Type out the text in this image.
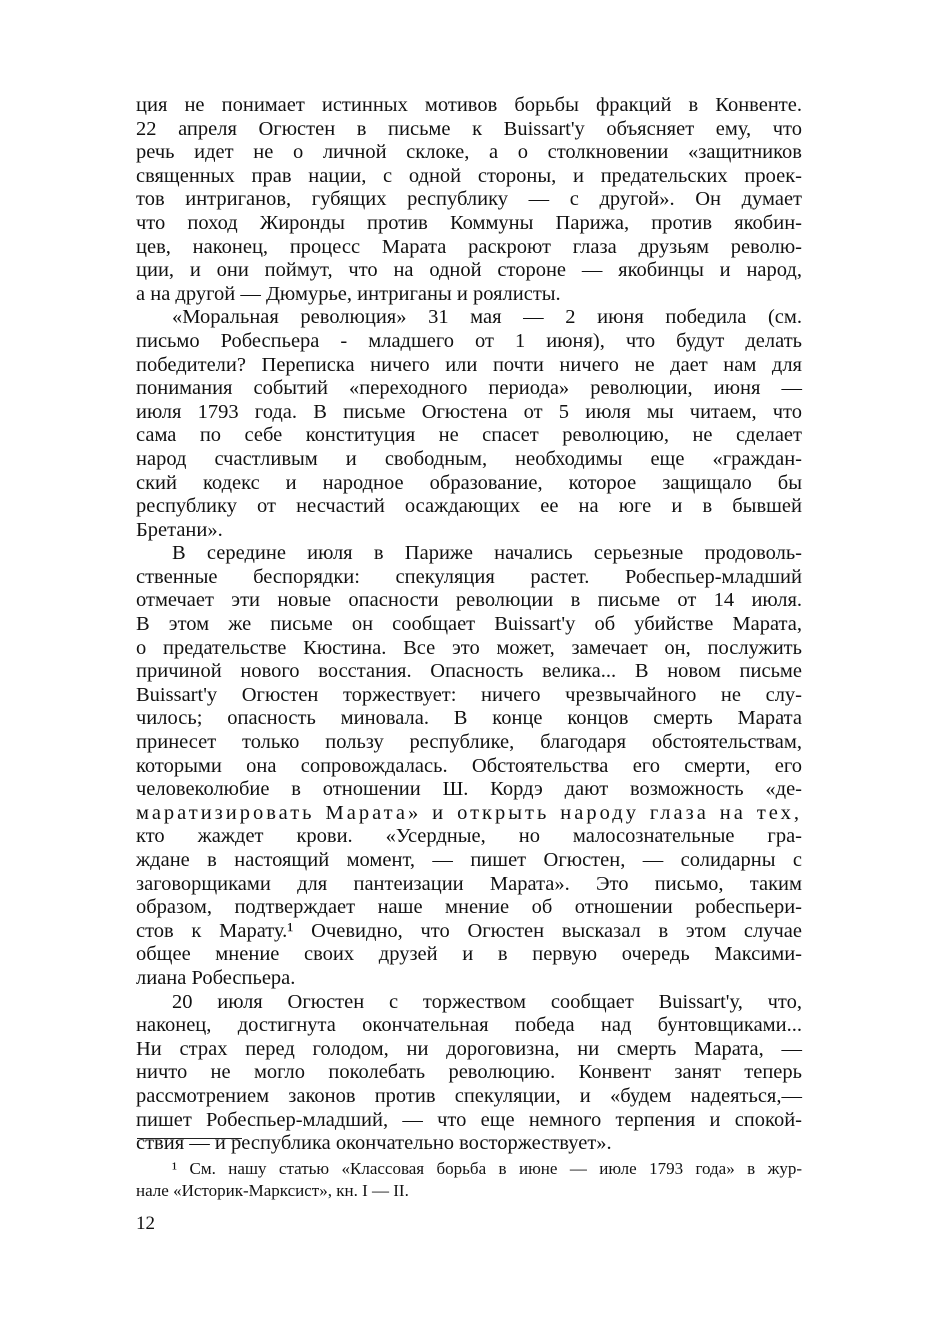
ция не понимает истинных мотивов борьбы фракций в Конвенте.
22 апреля Огюстен в письме к Buissart'у объясняет ему, что
речь идет не о личной склоке, а о столкновении «защитников
священных прав нации, с одной стороны, и предательских проек-
тов интриганов, губящих республику — с другой». Он думает
что поход Жиронды против Коммуны Парижа, против якобин-
цев, наконец, процесс Марата раскроют глаза друзьям револю-
ции, и они поймут, что на одной стороне — якобинцы и народ,
а на другой — Дюмурье, интриганы и роялисты.
«Моральная революция» 31 мая — 2 июня победила (см.
письмо Робеспьера - младшего от 1 июня), что будут делать
победители? Переписка ничего или почти ничего не дает нам для
понимания событий «переходного периода» революции, июня —
июля 1793 года. В письме Огюстена от 5 июля мы читаем, что
сама по себе конституция не спасет революцию, не сделает
народ счастливым и свободным, необходимы еще «граждан-
ский кодекс и народное образование, которое защищало бы
республику от несчастий осаждающих ее на юге и в бывшей
Бретани».
В середине июля в Париже начались серьезные продоволь-
ственные беспорядки: спекуляция растет. Робеспьер-младший
отмечает эти новые опасности революции в письме от 14 июля.
В этом же письме он сообщает Buissart'у об убийстве Марата,
о предательстве Кюстина. Все это может, замечает он, послужить
причиной нового восстания. Опасность велика... В новом письме
Buissart'у Огюстен торжествует: ничего чрезвычайного не слу-
чилось; опасность миновала. В конце концов смерть Марата
принесет только пользу республике, благодаря обстоятельствам,
которыми она сопровождалась. Обстоятельства его смерти, его
человеколюбие в отношении Ш. Кордэ дают возможность «де-
маратизировать Марата» и открыть народу глаза на тех,
кто жаждет крови. «Усердные, но малосознательные гра-
ждане в настоящий момент, — пишет Огюстен, — солидарны с
заговорщиками для пантеизации Марата». Это письмо, таким
образом, подтверждает наше мнение об отношении робеспьери-
стов к Марату.¹ Очевидно, что Огюстен высказал в этом случае
общее мнение своих друзей и в первую очередь Максими-
лиана Робеспьера.
20 июля Огюстен с торжеством сообщает Buissart'у, что,
наконец, достигнута окончательная победа над бунтовщиками...
Ни страх перед голодом, ни дороговизна, ни смерть Марата, —
ничто не могло поколебать революцию. Конвент занят теперь
рассмотрением законов против спекуляции, и «будем надеяться,—
пишет Робеспьер-младший, — что еще немного терпения и спокой-
ствия — и республика окончательно восторжествует».
¹ См. нашу статью «Классовая борьба в июне — июле 1793 года» в жур-
нале «Историк-Марксист», кн. I — II.
12
